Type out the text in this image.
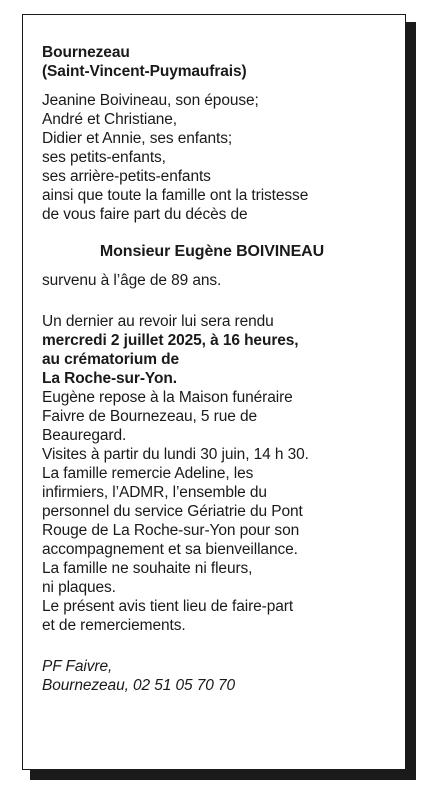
Bournezeau
(Saint-Vincent-Puymaufrais)
Jeanine Boivineau, son épouse;
André et Christiane,
Didier et Annie, ses enfants;
ses petits-enfants,
ses arrière-petits-enfants
ainsi que toute la famille ont la tristesse
de vous faire part du décès de
Monsieur Eugène BOIVINEAU
survenu à l’âge de 89 ans.
Un dernier au revoir lui sera rendu
mercredi 2 juillet 2025, à 16 heures,
au crématorium de
La Roche-sur-Yon.
Eugène repose à la Maison funéraire
Faivre de Bournezeau, 5 rue de
Beauregard.
Visites à partir du lundi 30 juin, 14 h 30.
La famille remercie Adeline, les
infirmiers, l’ADMR, l’ensemble du
personnel du service Gériatrie du Pont
Rouge de La Roche-sur-Yon pour son
accompagnement et sa bienveillance.
La famille ne souhaite ni fleurs,
ni plaques.
Le présent avis tient lieu de faire-part
et de remerciements.
PF Faivre,
Bournezeau, 02 51 05 70 70
